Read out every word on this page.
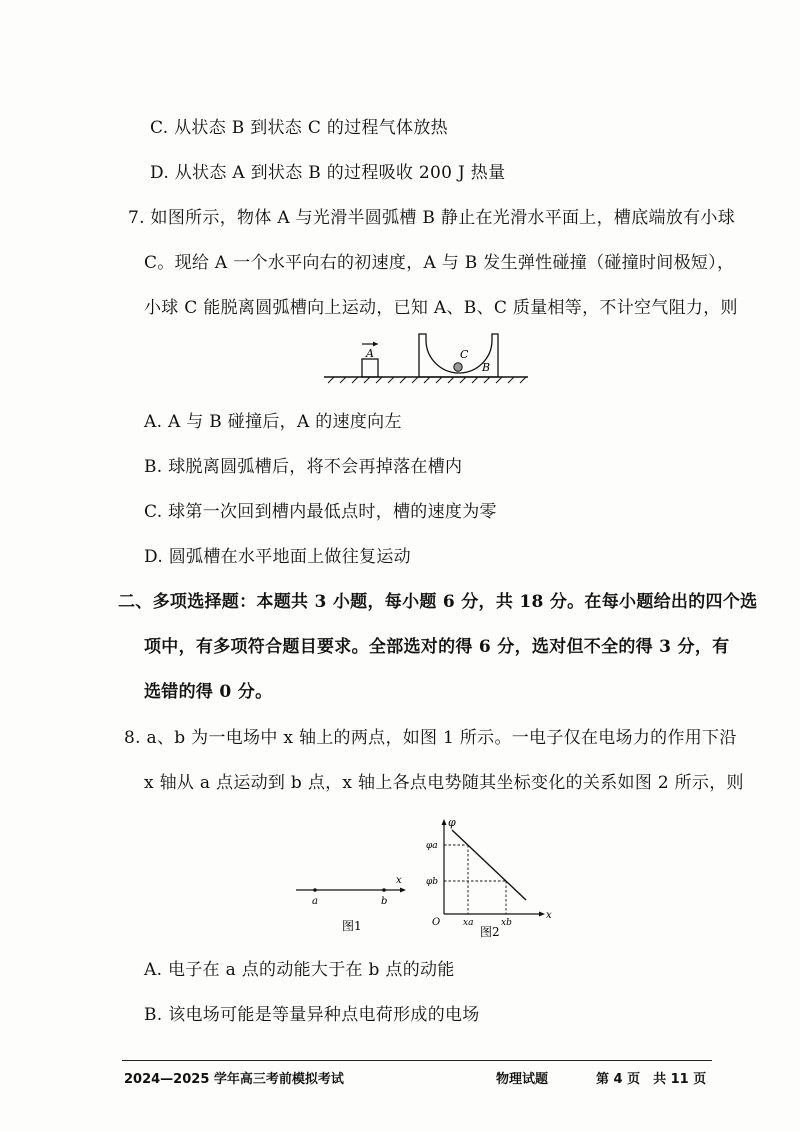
C. 从状态 B 到状态 C 的过程气体放热
D. 从状态 A 到状态 B 的过程吸收 200 J 热量
7. 如图所示，物体 A 与光滑半圆弧槽 B 静止在光滑水平面上，槽底端放有小球
C。现给 A 一个水平向右的初速度，A 与 B 发生弹性碰撞（碰撞时间极短），
小球 C 能脱离圆弧槽向上运动，已知 A、B、C 质量相等，不计空气阻力，则
A	C
B
A. A 与 B 碰撞后，A 的速度向左
B. 球脱离圆弧槽后，将不会再掉落在槽内
C. 球第一次回到槽内最低点时，槽的速度为零
D. 圆弧槽在水平地面上做往复运动
二、多项选择题：本题共 3 小题，每小题 6 分，共 18 分。在每小题给出的四个选
项中，有多项符合题目要求。全部选对的得 6 分，选对但不全的得 3 分，有
选错的得 0 分。
8. a、b 为一电场中 x 轴上的两点，如图 1 所示。一电子仅在电场力的作用下沿
x 轴从 a 点运动到 b 点，x 轴上各点电势随其坐标变化的关系如图 2 所示，则
x
a	b
图1
φ
φa
φb
O	xa	xb
x
图2
A. 电子在 a 点的动能大于在 b 点的动能
B. 该电场可能是等量异种点电荷形成的电场
2024—2025 学年高三考前模拟考试	物理试题	第 4 页　共 11 页
